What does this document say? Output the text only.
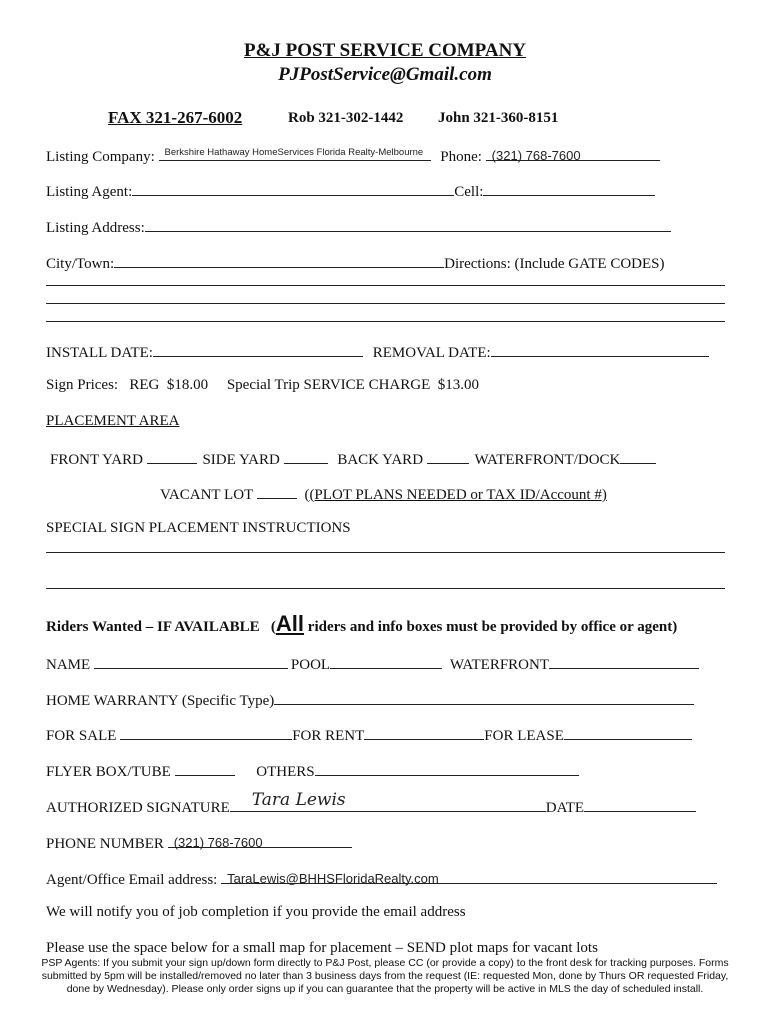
P&J POST SERVICE COMPANY
PJPostService@Gmail.com
FAX 321-267-6002	Rob 321-302-1442 John 321-360-8151
Listing Company: Berkshire Hathaway HomeServices Florida Realty-Melbourne Phone: (321) 768-7600
Listing Agent:	Cell:
Listing Address:
City/Town:	Directions: (Include GATE CODES)
INSTALL DATE:	REMOVAL DATE:
Sign Prices:   REG  $18.00     Special Trip SERVICE CHARGE  $13.00
PLACEMENT AREA
FRONT YARD	SIDE YARD	BACK YARD	WATERFRONT/DOCK
VACANT LOT	((PLOT PLANS NEEDED or TAX ID/Account #)
SPECIAL SIGN PLACEMENT INSTRUCTIONS
Riders Wanted – IF AVAILABLE   (All riders and info boxes must be provided by office or agent)
NAME	POOL	WATERFRONT
HOME WARRANTY (Specific Type)
FOR SALE	FOR RENT	FOR LEASE
FLYER BOX/TUBE	OTHERS
AUTHORIZED SIGNATURE Tara Lewis	DATE
PHONE NUMBER (321) 768-7600
Agent/Office Email address: TaraLewis@BHHSFloridaRealty.com
We will notify you of job completion if you provide the email address
Please use the space below for a small map for placement – SEND plot maps for vacant lots
PSP Agents: If you submit your sign up/down form directly to P&J Post, please CC (or provide a copy) to the front desk for tracking purposes. Forms submitted by 5pm will be installed/removed no later than 3 business days from the request (IE: requested Mon, done by Thurs OR requested Friday, done by Wednesday). Please only order signs up if you can guarantee that the property will be active in MLS the day of scheduled install.
